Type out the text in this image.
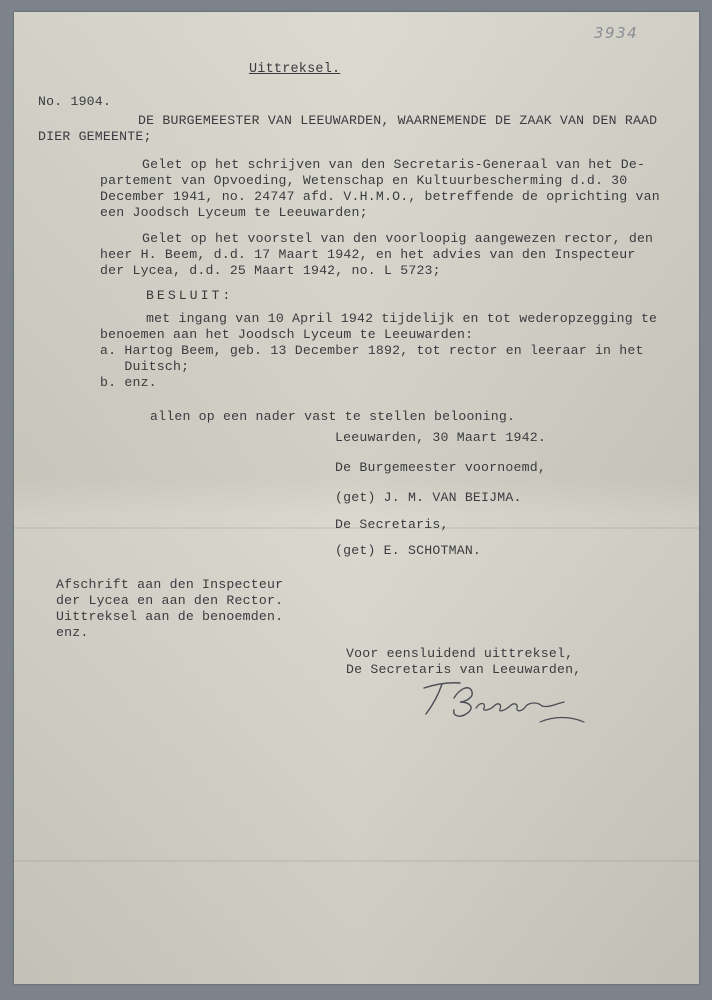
3934

Uittreksel.

No. 1904.

DE BURGEMEESTER VAN LEEUWARDEN, WAARNEMENDE DE ZAAK VAN DEN RAAD

DIER GEMEENTE;

Gelet op het schrijven van den Secretaris-Generaal van het De-

partement van Opvoeding, Wetenschap en Kultuurbescherming d.d. 30

December 1941, no. 24747 afd. V.H.M.O., betreffende de oprichting van

een Joodsch Lyceum te Leeuwarden;

Gelet op het voorstel van den voorloopig aangewezen rector, den

heer H. Beem, d.d. 17 Maart 1942, en het advies van den Inspecteur

der Lycea, d.d. 25 Maart 1942, no. L 5723;

BESLUIT:

met ingang van 10 April 1942 tijdelijk en tot wederopzegging te

benoemen aan het Joodsch Lyceum te Leeuwarden:

a. Hartog Beem, geb. 13 December 1892, tot rector en leeraar in het

Duitsch;

b. enz.

allen op een nader vast te stellen belooning.

Leeuwarden, 30 Maart 1942.

De Burgemeester voornoemd,

(get) J. M. VAN BEIJMA.

De Secretaris,

(get) E. SCHOTMAN.

Afschrift aan den Inspecteur

der Lycea en aan den Rector.

Uittreksel aan de benoemden.

enz.

Voor eensluidend uittreksel,

De Secretaris van Leeuwarden,
